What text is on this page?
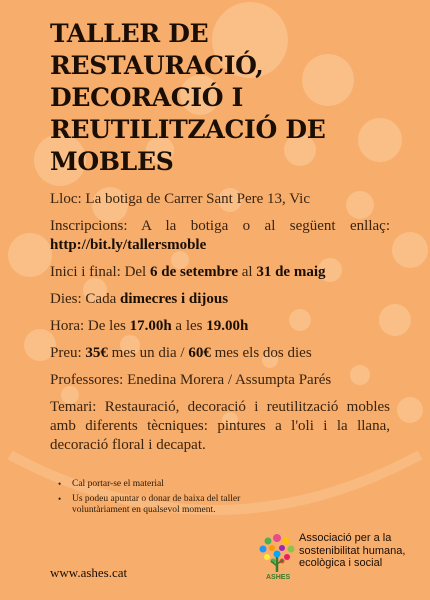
TALLER DE
RESTAURACIÓ,
DECORACIÓ I
REUTILITZACIÓ DE
MOBLES

Lloc: La botiga de Carrer Sant Pere 13, Vic

Inscripcions: A la botiga o al següent enllaç: http://bit.ly/tallersmoble

Inici i final: Del 6 de setembre al 31 de maig

Dies: Cada dimecres i dijous

Hora: De les 17.00h a les 19.00h

Preu: 35€ mes un dia / 60€ mes els dos dies

Professores: Enedina Morera / Assumpta Parés

Temari: Restauració, decoració i reutilització mobles amb diferents tècniques: pintures a l'oli i la llana, decoració floral i decapat.

• Cal portar-se el material
• Us podeu apuntar o donar de baixa del taller voluntàriament en qualsevol moment.
www.ashes.cat	ASHES
Associació per a la sostenibilitat humana, ecològica i social
